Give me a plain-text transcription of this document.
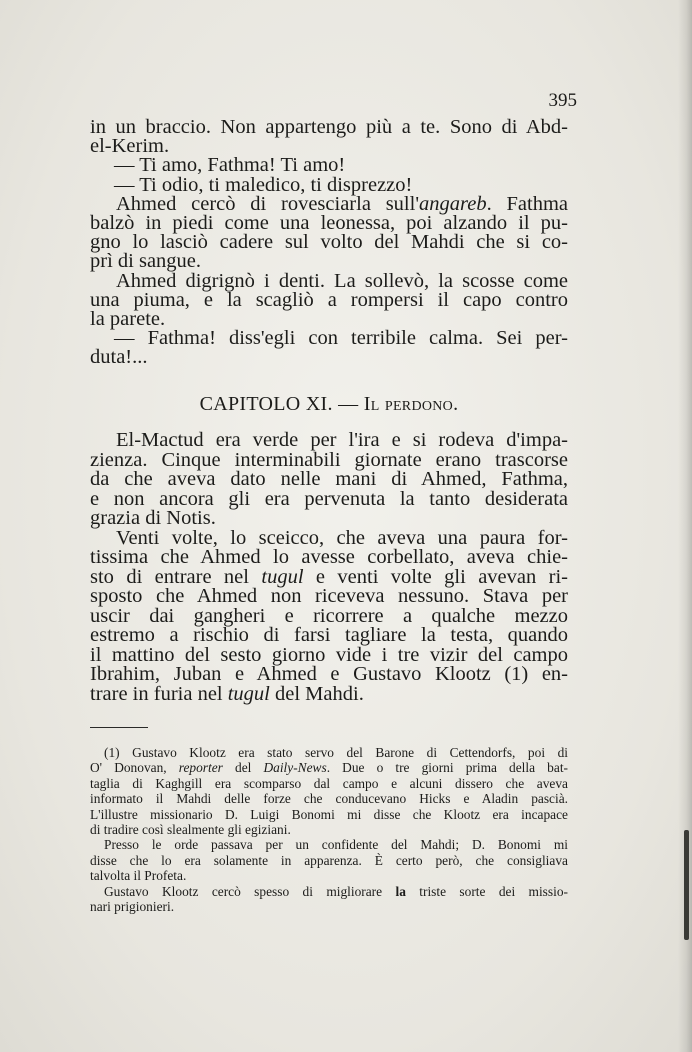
395
in un braccio. Non appartengo più a te. Sono di Abd-
el-Kerim.
— Ti amo, Fathma! Ti amo!
— Ti odio, ti maledico, ti disprezzo!
Ahmed cercò di rovesciarla sull'angareb. Fathma
balzò in piedi come una leonessa, poi alzando il pu-
gno lo lasciò cadere sul volto del Mahdi che si co-
prì di sangue.
Ahmed digrignò i denti. La sollevò, la scosse come
una piuma, e la scagliò a rompersi il capo contro
la parete.
— Fathma! diss'egli con terribile calma. Sei per-
duta!...
CAPITOLO XI. — Il perdono.
El-Mactud era verde per l'ira e si rodeva d'impa-
zienza. Cinque interminabili giornate erano trascorse
da che aveva dato nelle mani di Ahmed, Fathma,
e non ancora gli era pervenuta la tanto desiderata
grazia di Notis.
Venti volte, lo sceicco, che aveva una paura for-
tissima che Ahmed lo avesse corbellato, aveva chie-
sto di entrare nel tugul e venti volte gli avevan ri-
sposto che Ahmed non riceveva nessuno. Stava per
uscir dai gangheri e ricorrere a qualche mezzo
estremo a rischio di farsi tagliare la testa, quando
il mattino del sesto giorno vide i tre vizir del campo
Ibrahim, Juban e Ahmed e Gustavo Klootz (1) en-
trare in furia nel tugul del Mahdi.
(1) Gustavo Klootz era stato servo del Barone di Cettendorfs, poi di
O' Donovan, reporter del Daily-News. Due o tre giorni prima della bat-
taglia di Kaghgill era scomparso dal campo e alcuni dissero che aveva
informato il Mahdi delle forze che conducevano Hicks e Aladin pascià.
L'illustre missionario D. Luigi Bonomi mi disse che Klootz era incapace
di tradire così slealmente gli egiziani.
Presso le orde passava per un confidente del Mahdi; D. Bonomi mi
disse che lo era solamente in apparenza. È certo però, che consigliava
talvolta il Profeta.
Gustavo Klootz cercò spesso di migliorare la triste sorte dei missio-
nari prigionieri.
